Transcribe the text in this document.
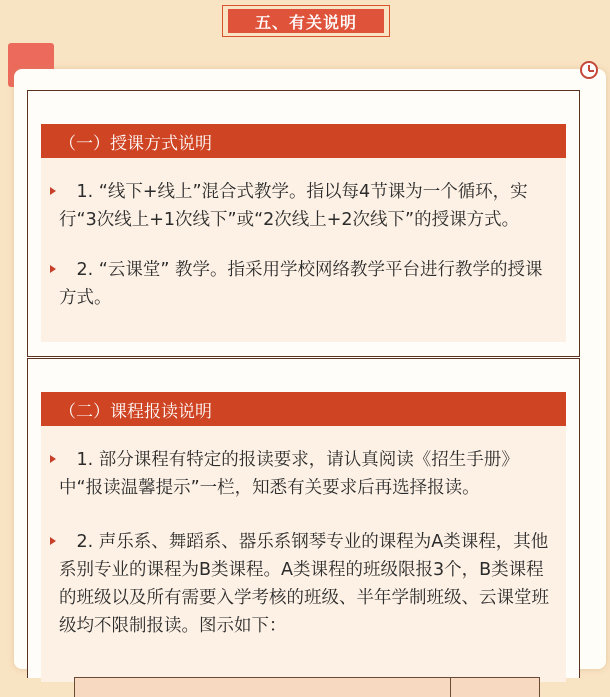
五、有关说明
（一）授课方式说明
　1. “线下+线上”混合式教学。指以每4节课为一个循环，实行“3次线上+1次线下”或“2次线上+2次线下”的授课方式。
　2. “云课堂” 教学。指采用学校网络教学平台进行教学的授课方式。
（二）课程报读说明
　1. 部分课程有特定的报读要求，请认真阅读《招生手册》中“报读温馨提示”一栏，知悉有关要求后再选择报读。
　2. 声乐系、舞蹈系、器乐系钢琴专业的课程为A类课程，其他系别专业的课程为B类课程。A类课程的班级限报3个，B类课程的班级以及所有需要入学考核的班级、半年学制班级、云课堂班级均不限制报读。图示如下：
